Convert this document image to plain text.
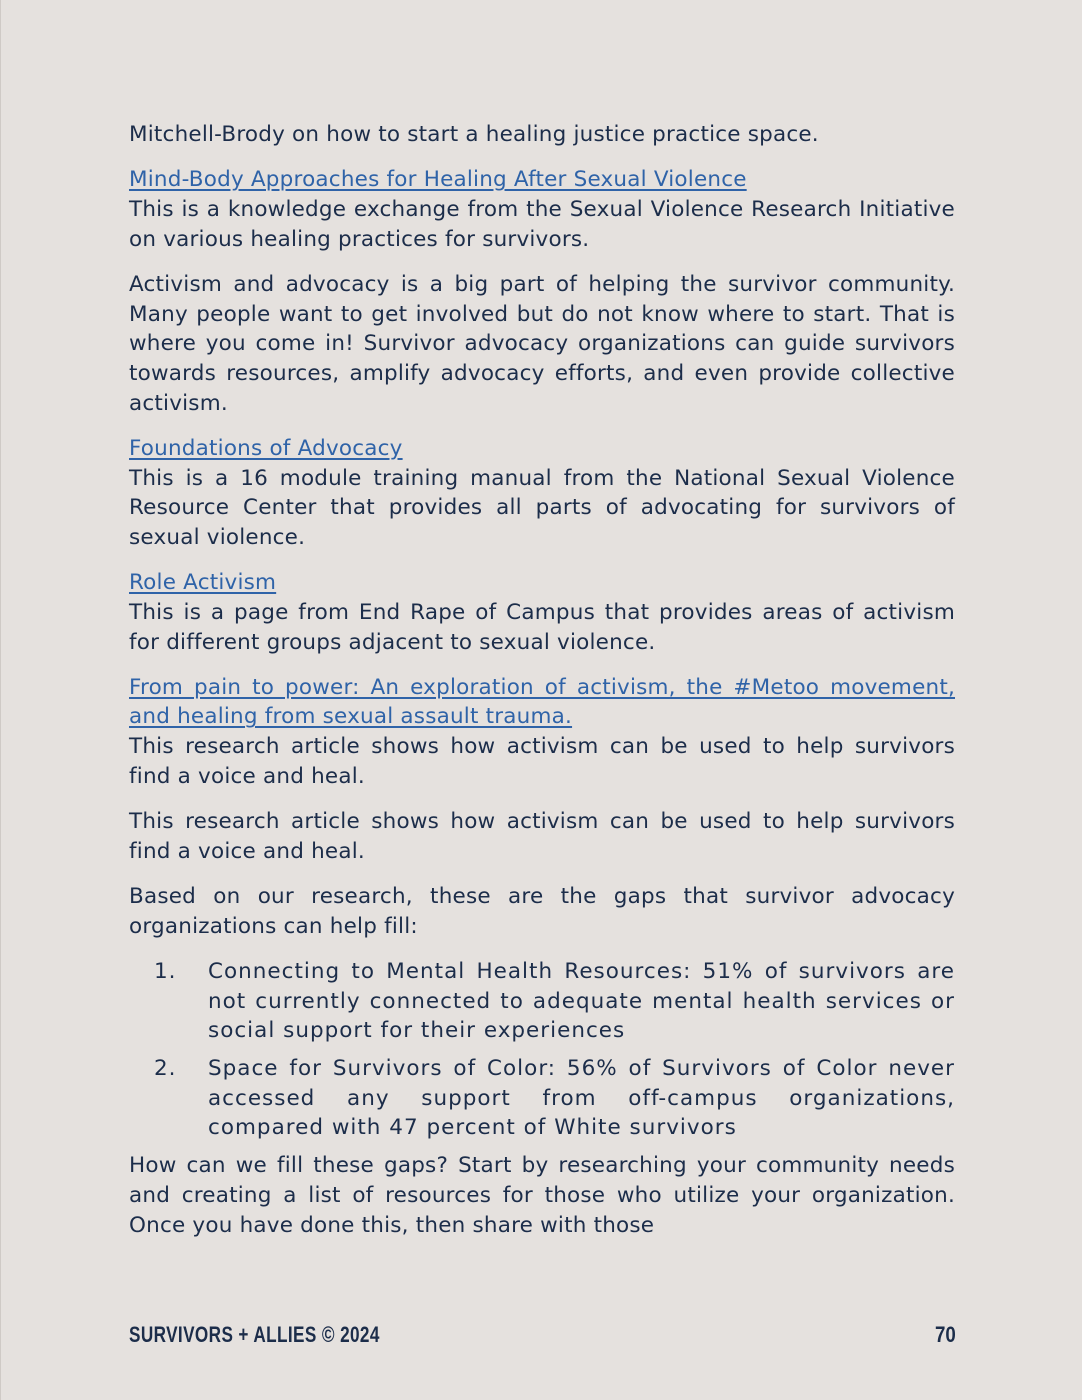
Mitchell-Brody on how to start a healing justice practice space.

Mind-Body Approaches for Healing After Sexual Violence

This is a knowledge exchange from the Sexual Violence Research Initiative on various healing practices for survivors.

Activism and advocacy is a big part of helping the survivor community. Many people want to get involved but do not know where to start. That is where you come in! Survivor advocacy organizations can guide survivors towards resources, amplify advocacy efforts, and even provide collective activism.

Foundations of Advocacy

This is a 16 module training manual from the National Sexual Violence Resource Center that provides all parts of advocating for survivors of sexual violence.

Role Activism

This is a page from End Rape of Campus that provides areas of activism for different groups adjacent to sexual violence.

From pain to power: An exploration of activism, the #Metoo movement, and healing from sexual assault trauma.

This research article shows how activism can be used to help survivors find a voice and heal.

This research article shows how activism can be used to help survivors find a voice and heal.

Based on our research, these are the gaps that survivor advocacy organizations can help fill:

1. Connecting to Mental Health Resources: 51% of survivors are not currently connected to adequate mental health services or social support for their experiences
2. Space for Survivors of Color: 56% of Survivors of Color never accessed any support from off-campus organizations, compared with 47 percent of White survivors

How can we fill these gaps? Start by researching your community needs and creating a list of resources for those who utilize your organization. Once you have done this, then share with those

SURVIVORS + ALLIES © 2024	70
